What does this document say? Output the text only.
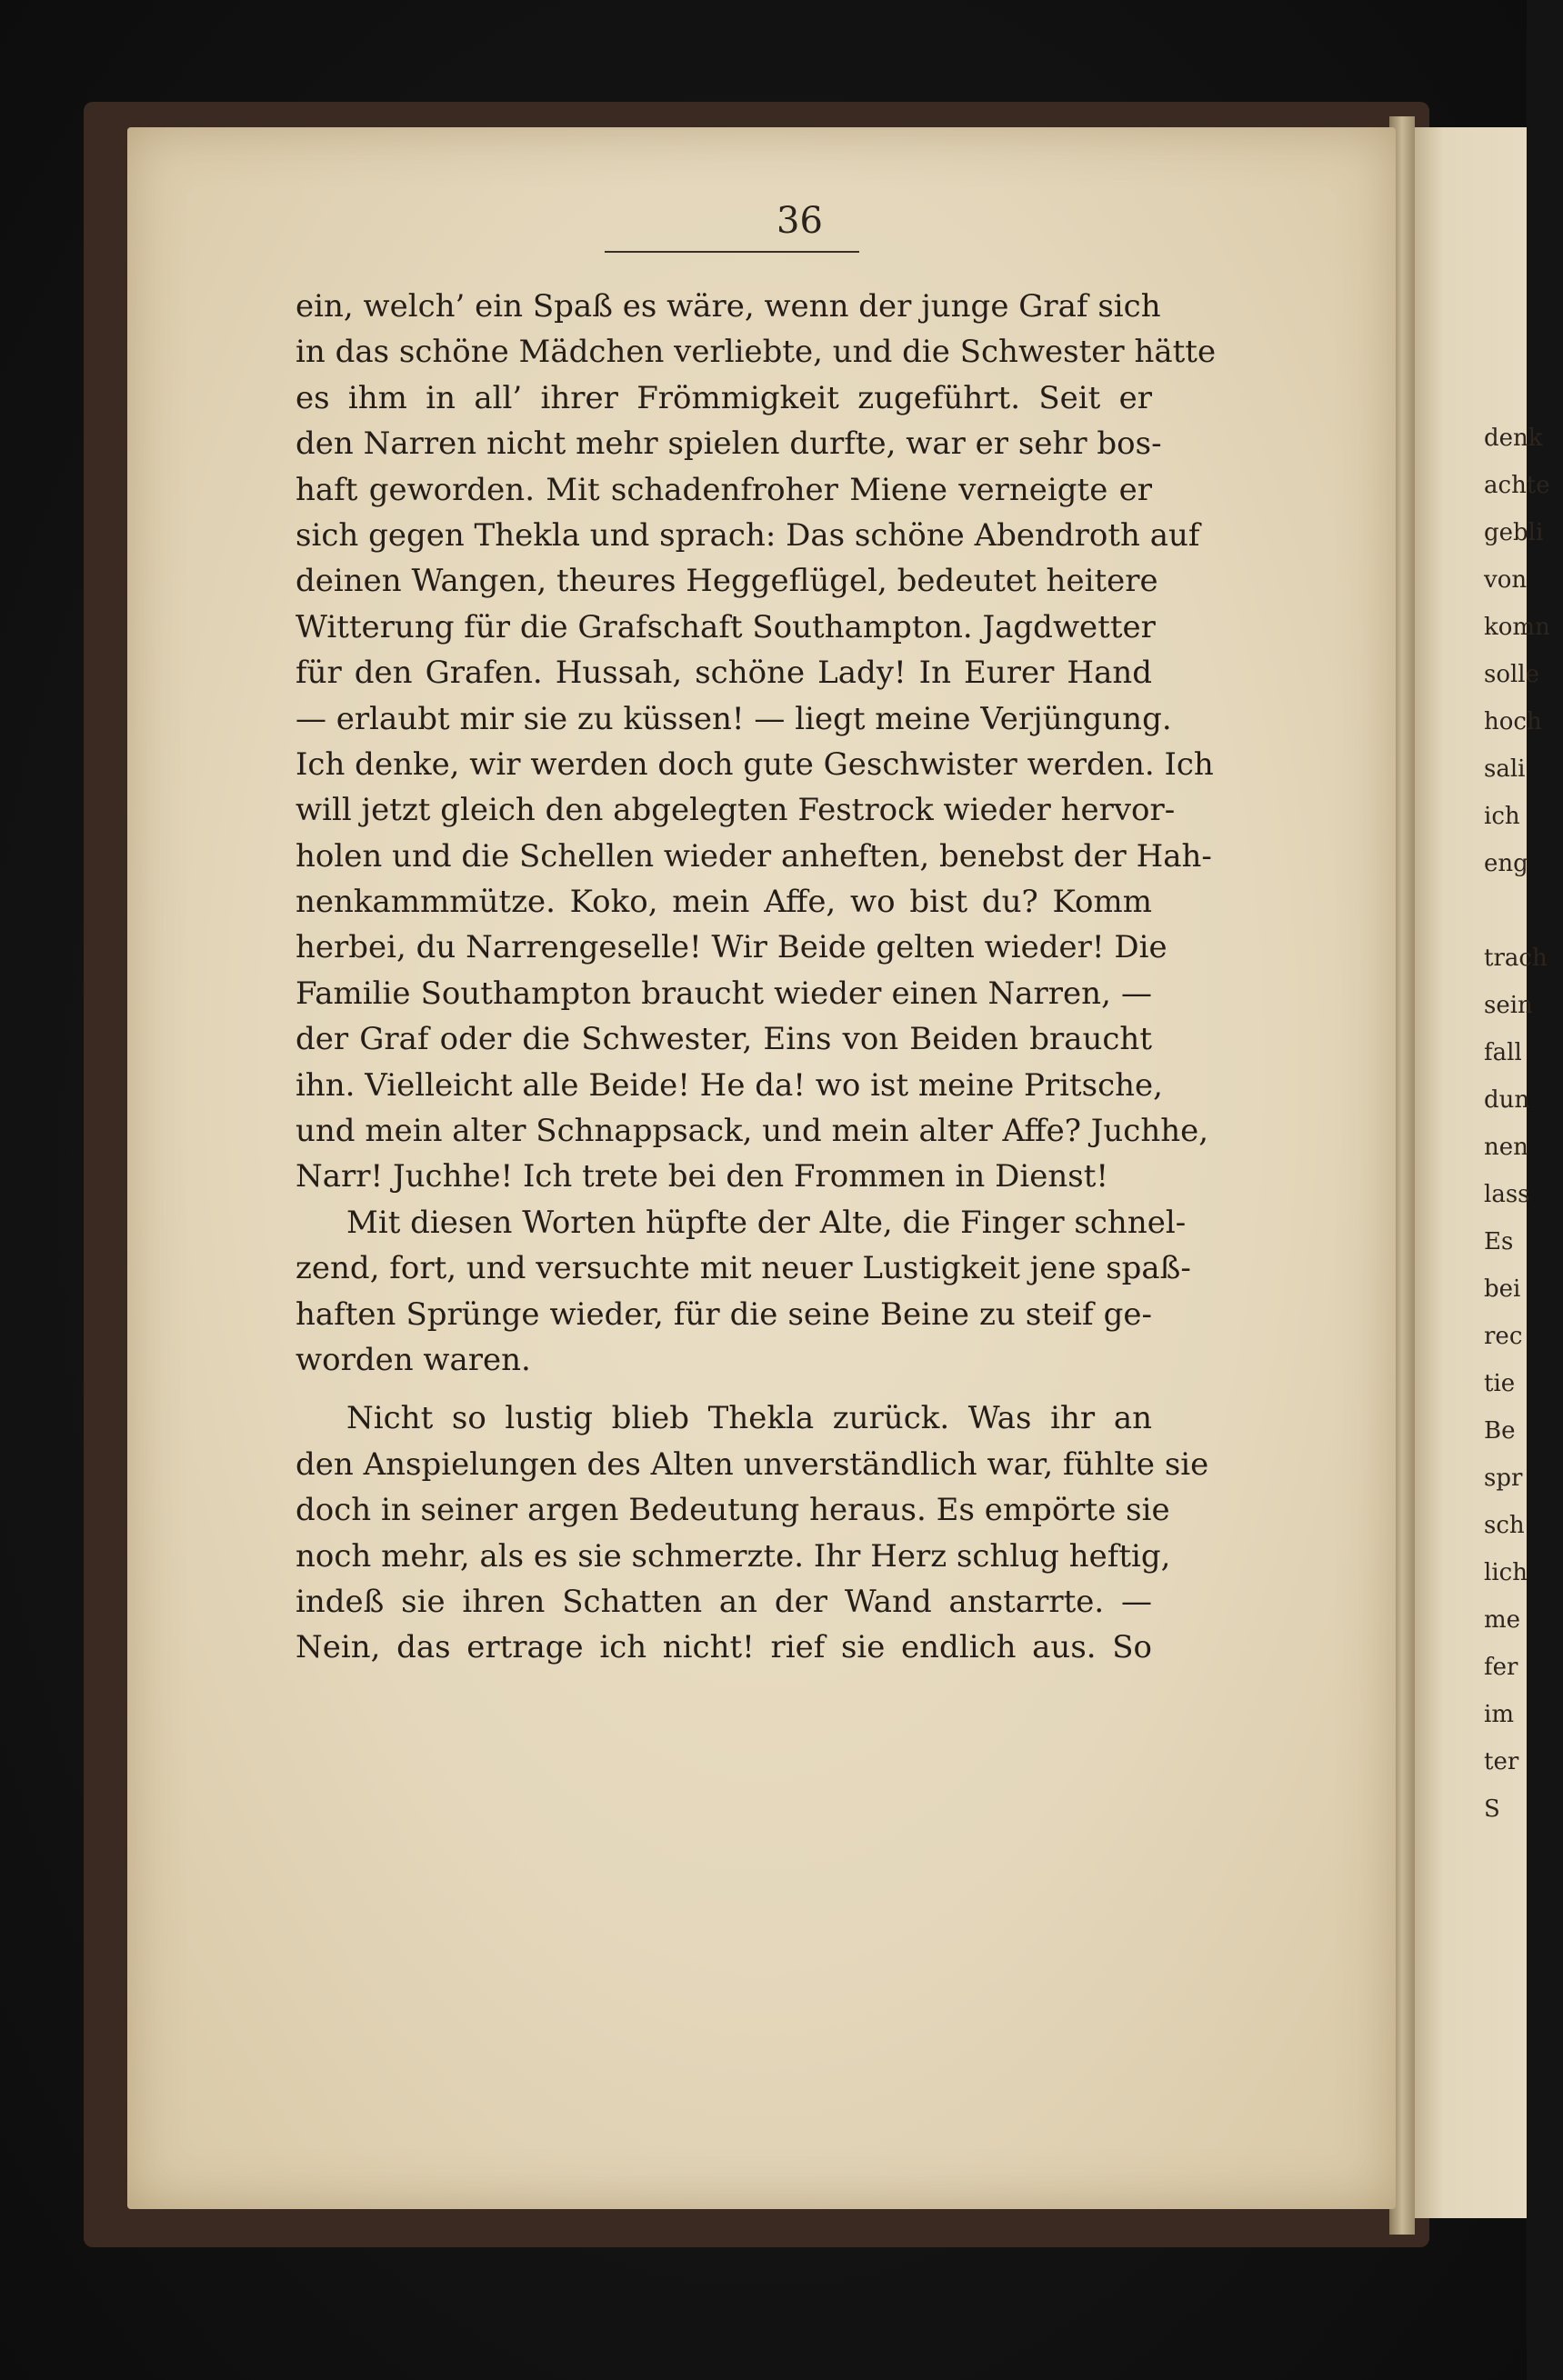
36
ein, welch’ ein Spaß es wäre, wenn der junge Graf sich
in das schöne Mädchen verliebte, und die Schwester hätte
es ihm in all’ ihrer Frömmigkeit zugeführt. Seit er
den Narren nicht mehr spielen durfte, war er sehr bos-
haft geworden. Mit schadenfroher Miene verneigte er
sich gegen Thekla und sprach: Das schöne Abendroth auf
deinen Wangen, theures Heggeflügel, bedeutet heitere
Witterung für die Grafschaft Southampton. Jagdwetter
für den Grafen. Hussah, schöne Lady! In Eurer Hand
— erlaubt mir sie zu küssen! — liegt meine Verjüngung.
Ich denke, wir werden doch gute Geschwister werden. Ich
will jetzt gleich den abgelegten Festrock wieder hervor-
holen und die Schellen wieder anheften, benebst der Hah-
nenkammmütze. Koko, mein Affe, wo bist du? Komm
herbei, du Narrengeselle! Wir Beide gelten wieder! Die
Familie Southampton braucht wieder einen Narren, —
der Graf oder die Schwester, Eins von Beiden braucht
ihn. Vielleicht alle Beide! He da! wo ist meine Pritsche,
und mein alter Schnappsack, und mein alter Affe? Juchhe,
Narr! Juchhe! Ich trete bei den Frommen in Dienst!
Mit diesen Worten hüpfte der Alte, die Finger schnel-
zend, fort, und versuchte mit neuer Lustigkeit jene spaß-
haften Sprünge wieder, für die seine Beine zu steif ge-
worden waren.
Nicht so lustig blieb Thekla zurück. Was ihr an
den Anspielungen des Alten unverständlich war, fühlte sie
doch in seiner argen Bedeutung heraus. Es empörte sie
noch mehr, als es sie schmerzte. Ihr Herz schlug heftig,
indeß sie ihren Schatten an der Wand anstarrte. —
Nein, das ertrage ich nicht! rief sie endlich aus. So
denk
achte
gebli
von
komn
solle
hoch
sali
ich
eng
trach
sein
fall
dun
nen
lass
Es
bei
rec
tie
Be
spr
sch
lich
me
fer
im
ter
S
